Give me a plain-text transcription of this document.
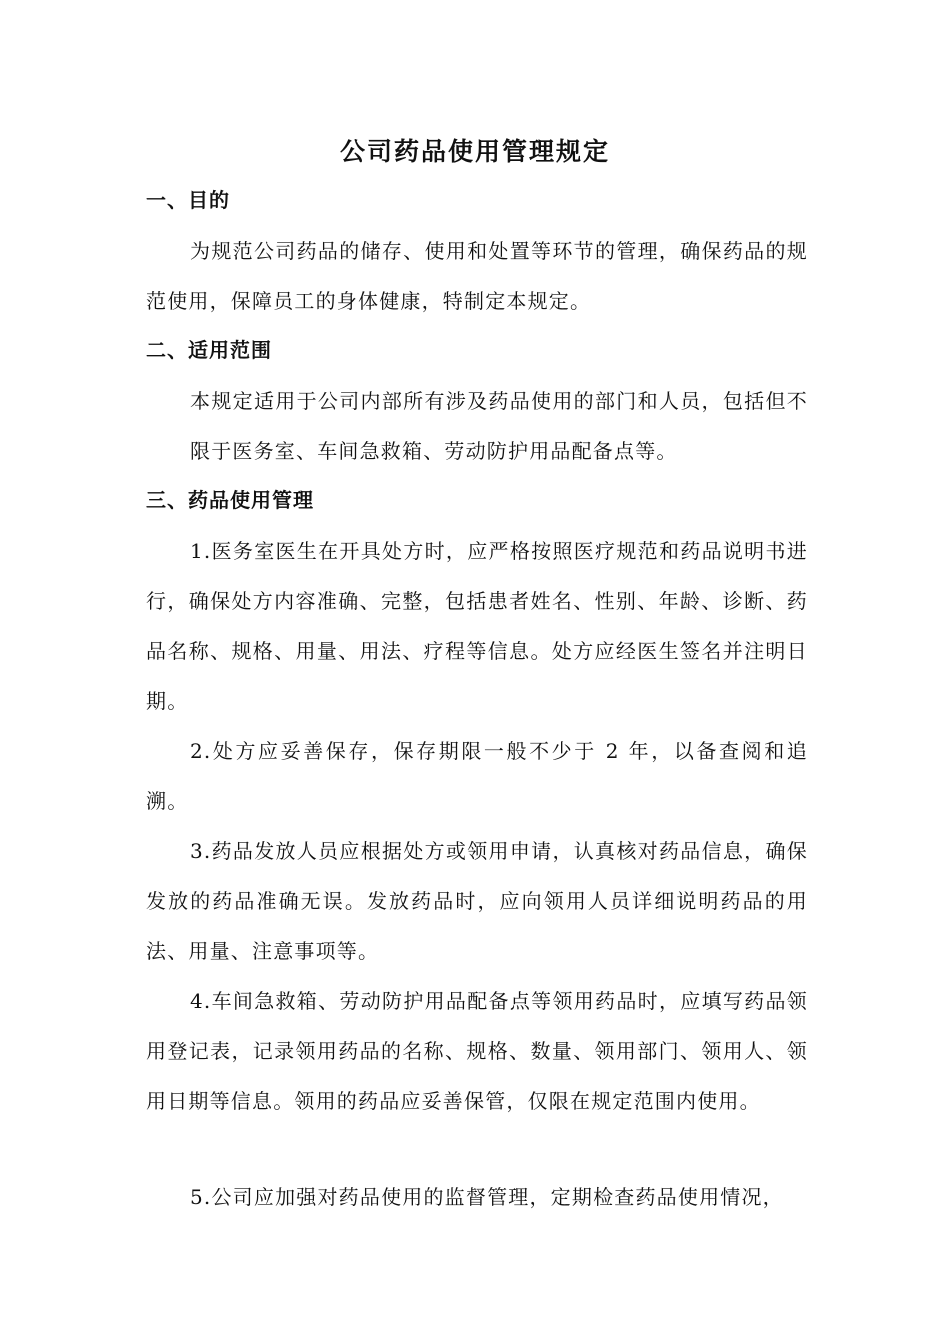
公司药品使用管理规定
一、目的

为规范公司药品的储存、使用和处置等环节的管理，确保药品的规范使用，保障员工的身体健康，特制定本规定。

二、适用范围

本规定适用于公司内部所有涉及药品使用的部门和人员，包括但不限于医务室、车间急救箱、劳动防护用品配备点等。

三、药品使用管理

1.医务室医生在开具处方时，应严格按照医疗规范和药品说明书进行，确保处方内容准确、完整，包括患者姓名、性别、年龄、诊断、药品名称、规格、用量、用法、疗程等信息。处方应经医生签名并注明日期。

2.处方应妥善保存，保存期限一般不少于 2 年，以备查阅和追溯。

3.药品发放人员应根据处方或领用申请，认真核对药品信息，确保发放的药品准确无误。发放药品时，应向领用人员详细说明药品的用法、用量、注意事项等。

4.车间急救箱、劳动防护用品配备点等领用药品时，应填写药品领用登记表，记录领用药品的名称、规格、数量、领用部门、领用人、领用日期等信息。领用的药品应妥善保管，仅限在规定范围内使用。

5.公司应加强对药品使用的监督管理，定期检查药品使用情况，
